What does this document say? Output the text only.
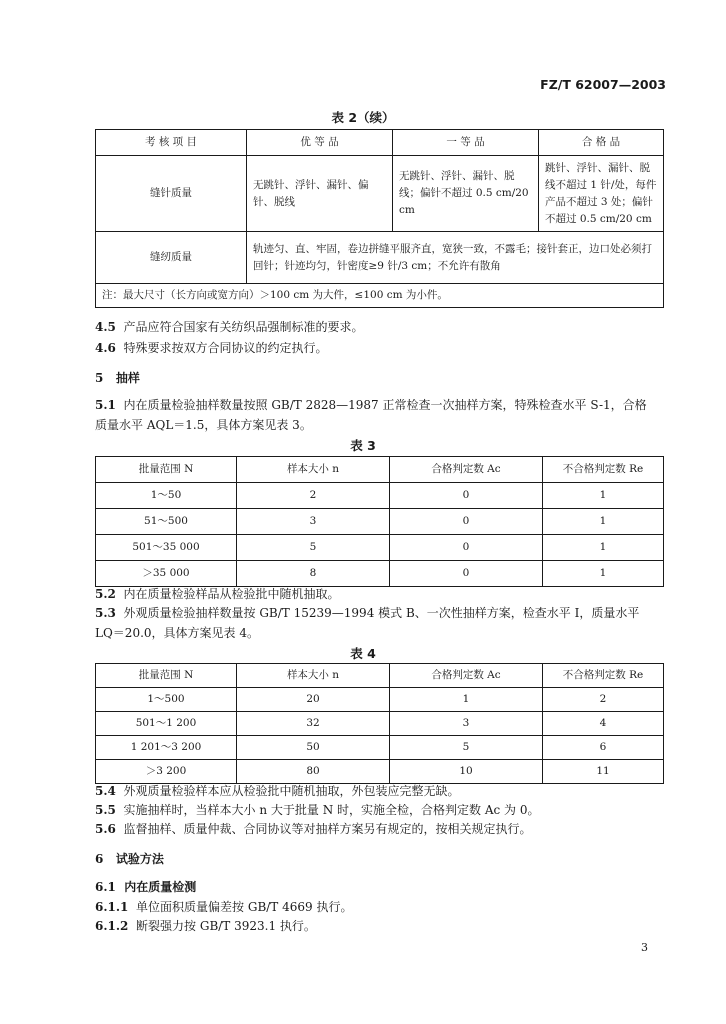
FZ/T 62007—2003
表 2（续）
考 核 项 目	优 等 品	一 等 品	合 格 品
缝针质量	无跳针、浮针、漏针、偏针、脱线	无跳针、浮针、漏针、脱线；偏针不超过 0.5 cm/20 cm	跳针、浮针、漏针、脱线不超过 1 针/处，每件产品不超过 3 处；偏针不超过 0.5 cm/20 cm
缝纫质量	轨迹匀、直、牢固，卷边拼缝平服齐直，宽狭一致，不露毛；接针套正，边口处必须打回针；针迹均匀，针密度≥9 针/3 cm；不允许有散角		
注：最大尺寸（长方向或宽方向）＞100 cm 为大件，≤100 cm 为小件。			
4.5 产品应符合国家有关纺织品强制标准的要求。
4.6 特殊要求按双方合同协议的约定执行。
5 抽样
5.1 内在质量检验抽样数量按照 GB/T 2828—1987 正常检查一次抽样方案，特殊检查水平 S-1，合格
质量水平 AQL＝1.5，具体方案见表 3。
表 3
批量范围 N	样本大小 n	合格判定数 Ac	不合格判定数 Re
1～50	2	0	1
51～500	3	0	1
501～35 000	5	0	1
＞35 000	8	0	1
5.2 内在质量检验样品从检验批中随机抽取。
5.3 外观质量检验抽样数量按 GB/T 15239—1994 模式 B、一次性抽样方案，检查水平 Ⅰ，质量水平
LQ＝20.0，具体方案见表 4。
表 4
批量范围 N	样本大小 n	合格判定数 Ac	不合格判定数 Re
1～500	20	1	2
501～1 200	32	3	4
1 201～3 200	50	5	6
＞3 200	80	10	11
5.4 外观质量检验样本应从检验批中随机抽取，外包装应完整无缺。
5.5 实施抽样时，当样本大小 n 大于批量 N 时，实施全检，合格判定数 Ac 为 0。
5.6 监督抽样、质量仲裁、合同协议等对抽样方案另有规定的，按相关规定执行。
6 试验方法
6.1 内在质量检测
6.1.1 单位面积质量偏差按 GB/T 4669 执行。
6.1.2 断裂强力按 GB/T 3923.1 执行。
3
